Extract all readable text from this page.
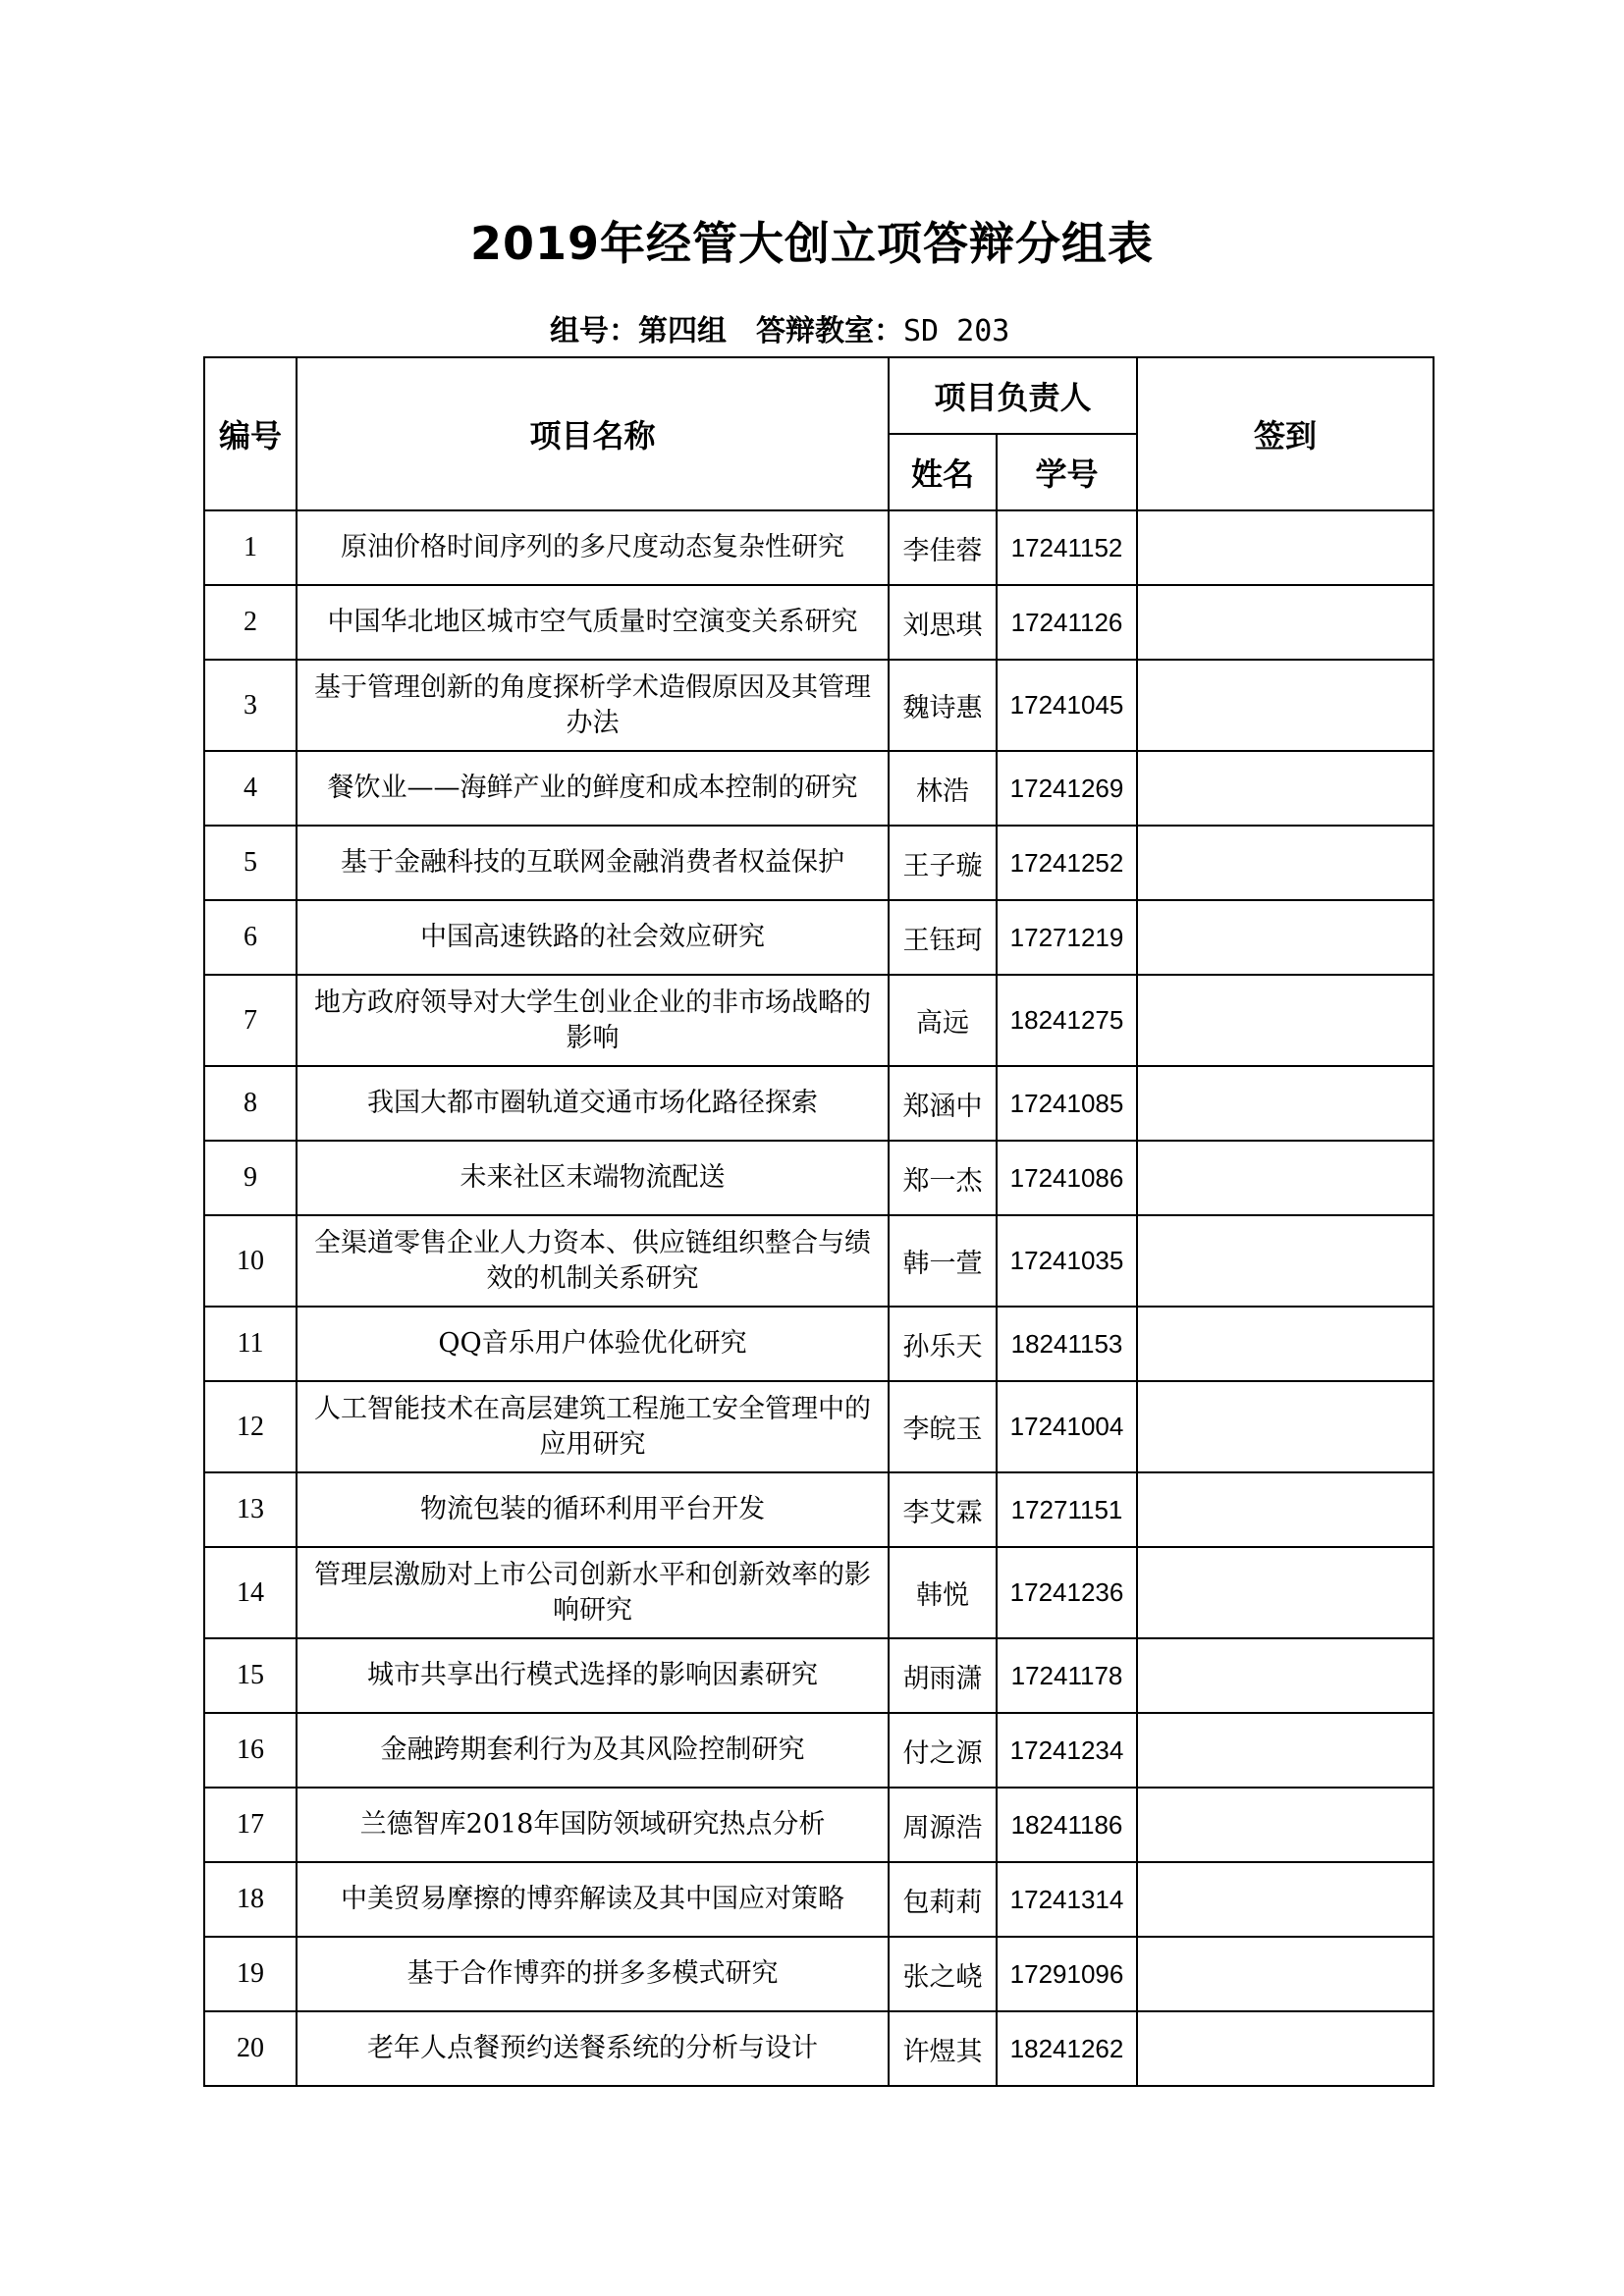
2019年经管大创立项答辩分组表
组号：第四组  答辩教室：SD 203
编号	项目名称	项目负责人		签到
		姓名	学号	
1	原油价格时间序列的多尺度动态复杂性研究	李佳蓉	17241152	
2	中国华北地区城市空气质量时空演变关系研究	刘思琪	17241126	
3	基于管理创新的角度探析学术造假原因及其管理办法	魏诗惠	17241045	
4	餐饮业——海鲜产业的鲜度和成本控制的研究	林浩	17241269	
5	基于金融科技的互联网金融消费者权益保护	王子璇	17241252	
6	中国高速铁路的社会效应研究	王钰珂	17271219	
7	地方政府领导对大学生创业企业的非市场战略的影响	高远	18241275	
8	我国大都市圈轨道交通市场化路径探索	郑涵中	17241085	
9	未来社区末端物流配送	郑一杰	17241086	
10	全渠道零售企业人力资本、供应链组织整合与绩效的机制关系研究	韩一萱	17241035	
11	QQ音乐用户体验优化研究	孙乐天	18241153	
12	人工智能技术在高层建筑工程施工安全管理中的应用研究	李皖玉	17241004	
13	物流包装的循环利用平台开发	李艾霖	17271151	
14	管理层激励对上市公司创新水平和创新效率的影响研究	韩悦	17241236	
15	城市共享出行模式选择的影响因素研究	胡雨潇	17241178	
16	金融跨期套利行为及其风险控制研究	付之源	17241234	
17	兰德智库2018年国防领域研究热点分析	周源浩	18241186	
18	中美贸易摩擦的博弈解读及其中国应对策略	包莉莉	17241314	
19	基于合作博弈的拼多多模式研究	张之峣	17291096	
20	老年人点餐预约送餐系统的分析与设计	许煜其	18241262	
